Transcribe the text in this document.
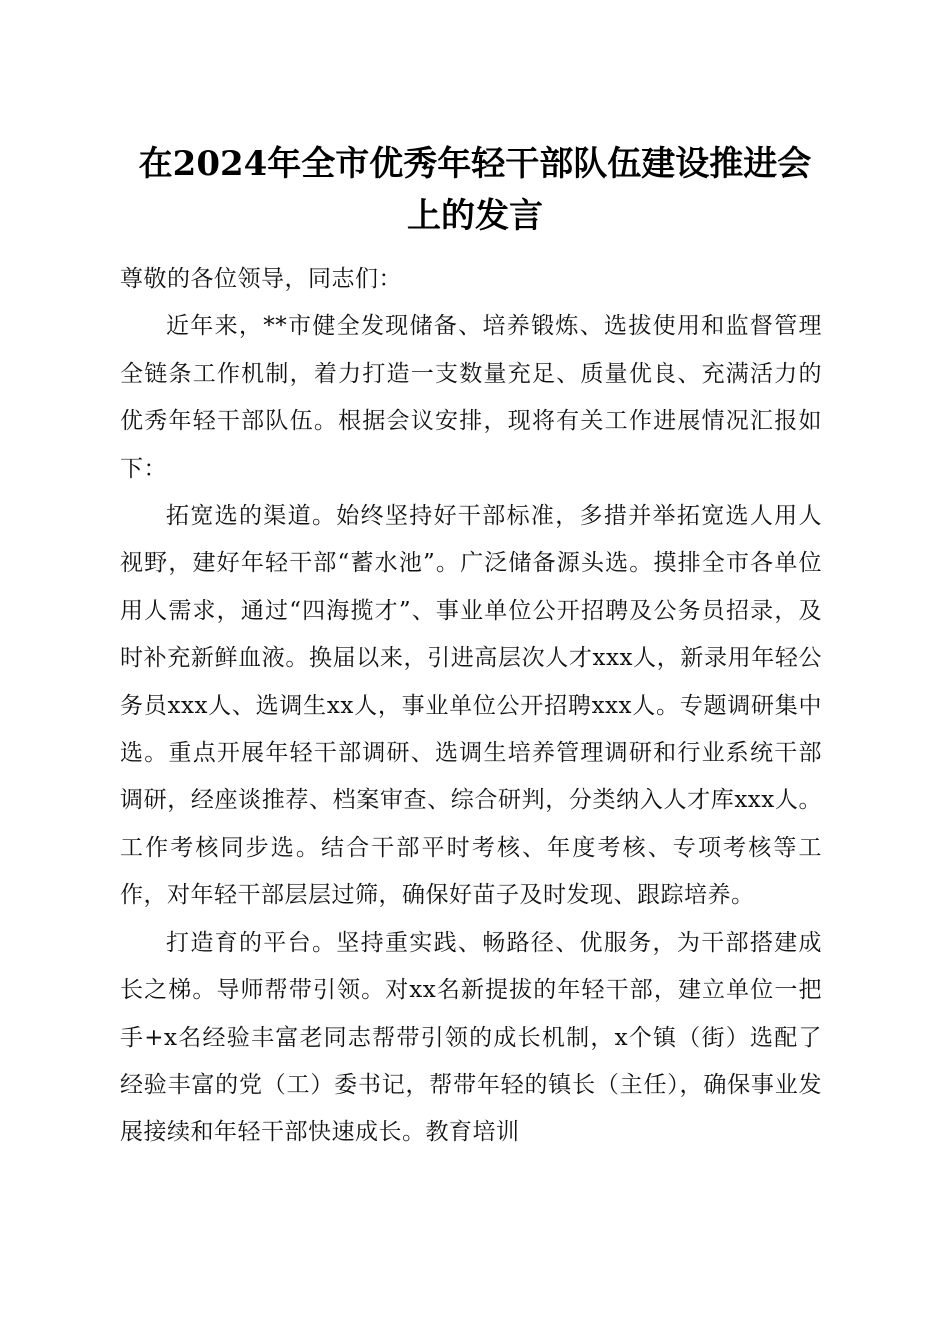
在2024年全市优秀年轻干部队伍建设推进会
上的发言

尊敬的各位领导，同志们：

近年来，**市健全发现储备、培养锻炼、选拔使用和监督管理全链条工作机制，着力打造一支数量充足、质量优良、充满活力的优秀年轻干部队伍。根据会议安排，现将有关工作进展情况汇报如下：

拓宽选的渠道。始终坚持好干部标准，多措并举拓宽选人用人视野，建好年轻干部“蓄水池”。广泛储备源头选。摸排全市各单位用人需求，通过“四海揽才”、事业单位公开招聘及公务员招录，及时补充新鲜血液。换届以来，引进高层次人才xxx人，新录用年轻公务员xxx人、选调生xx人，事业单位公开招聘xxx人。专题调研集中选。重点开展年轻干部调研、选调生培养管理调研和行业系统干部调研，经座谈推荐、档案审查、综合研判，分类纳入人才库xxx人。工作考核同步选。结合干部平时考核、年度考核、专项考核等工作，对年轻干部层层过筛，确保好苗子及时发现、跟踪培养。

打造育的平台。坚持重实践、畅路径、优服务，为干部搭建成长之梯。导师帮带引领。对xx名新提拔的年轻干部，建立单位一把手+x名经验丰富老同志帮带引领的成长机制，x个镇（街）选配了经验丰富的党（工）委书记，帮带年轻的镇长（主任），确保事业发展接续和年轻干部快速成长。教育培训
